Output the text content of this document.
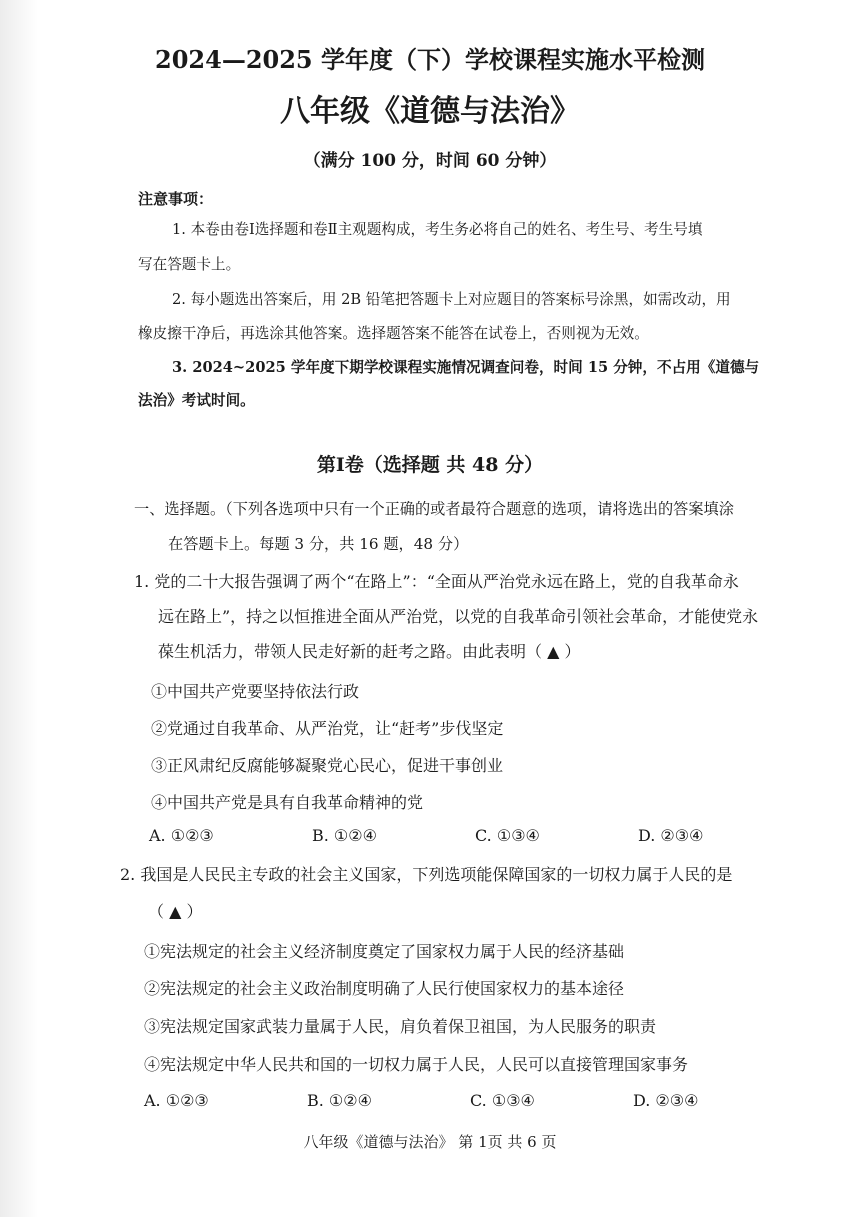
2024—2025 学年度（下）学校课程实施水平检测
八年级《道德与法治》
（满分 100 分，时间 60 分钟）
注意事项：
1. 本卷由卷Ⅰ选择题和卷Ⅱ主观题构成，考生务必将自己的姓名、考生号、考生号填
写在答题卡上。
2. 每小题选出答案后，用 2B 铅笔把答题卡上对应题目的答案标号涂黑，如需改动，用
橡皮擦干净后，再选涂其他答案。选择题答案不能答在试卷上，否则视为无效。
3. 2024~2025 学年度下期学校课程实施情况调查问卷，时间 15 分钟，不占用《道德与
法治》考试时间。
第Ⅰ卷（选择题 共 48 分）
一、选择题。（下列各选项中只有一个正确的或者最符合题意的选项，请将选出的答案填涂
在答题卡上。每题 3 分，共 16 题，48 分）
1. 党的二十大报告强调了两个“在路上”：“全面从严治党永远在路上，党的自我革命永
远在路上”，持之以恒推进全面从严治党，以党的自我革命引领社会革命，才能使党永
葆生机活力，带领人民走好新的赶考之路。由此表明（ ▲ ）
①中国共产党要坚持依法行政
②党通过自我革命、从严治党，让“赶考”步伐坚定
③正风肃纪反腐能够凝聚党心民心，促进干事创业
④中国共产党是具有自我革命精神的党
A. ①②③	B. ①②④	C. ①③④	D. ②③④
2. 我国是人民民主专政的社会主义国家，下列选项能保障国家的一切权力属于人民的是
（ ▲ ）
①宪法规定的社会主义经济制度奠定了国家权力属于人民的经济基础
②宪法规定的社会主义政治制度明确了人民行使国家权力的基本途径
③宪法规定国家武装力量属于人民，肩负着保卫祖国，为人民服务的职责
④宪法规定中华人民共和国的一切权力属于人民，人民可以直接管理国家事务
A. ①②③	B. ①②④	C. ①③④	D. ②③④
八年级《道德与法治》 第 1页 共 6 页
